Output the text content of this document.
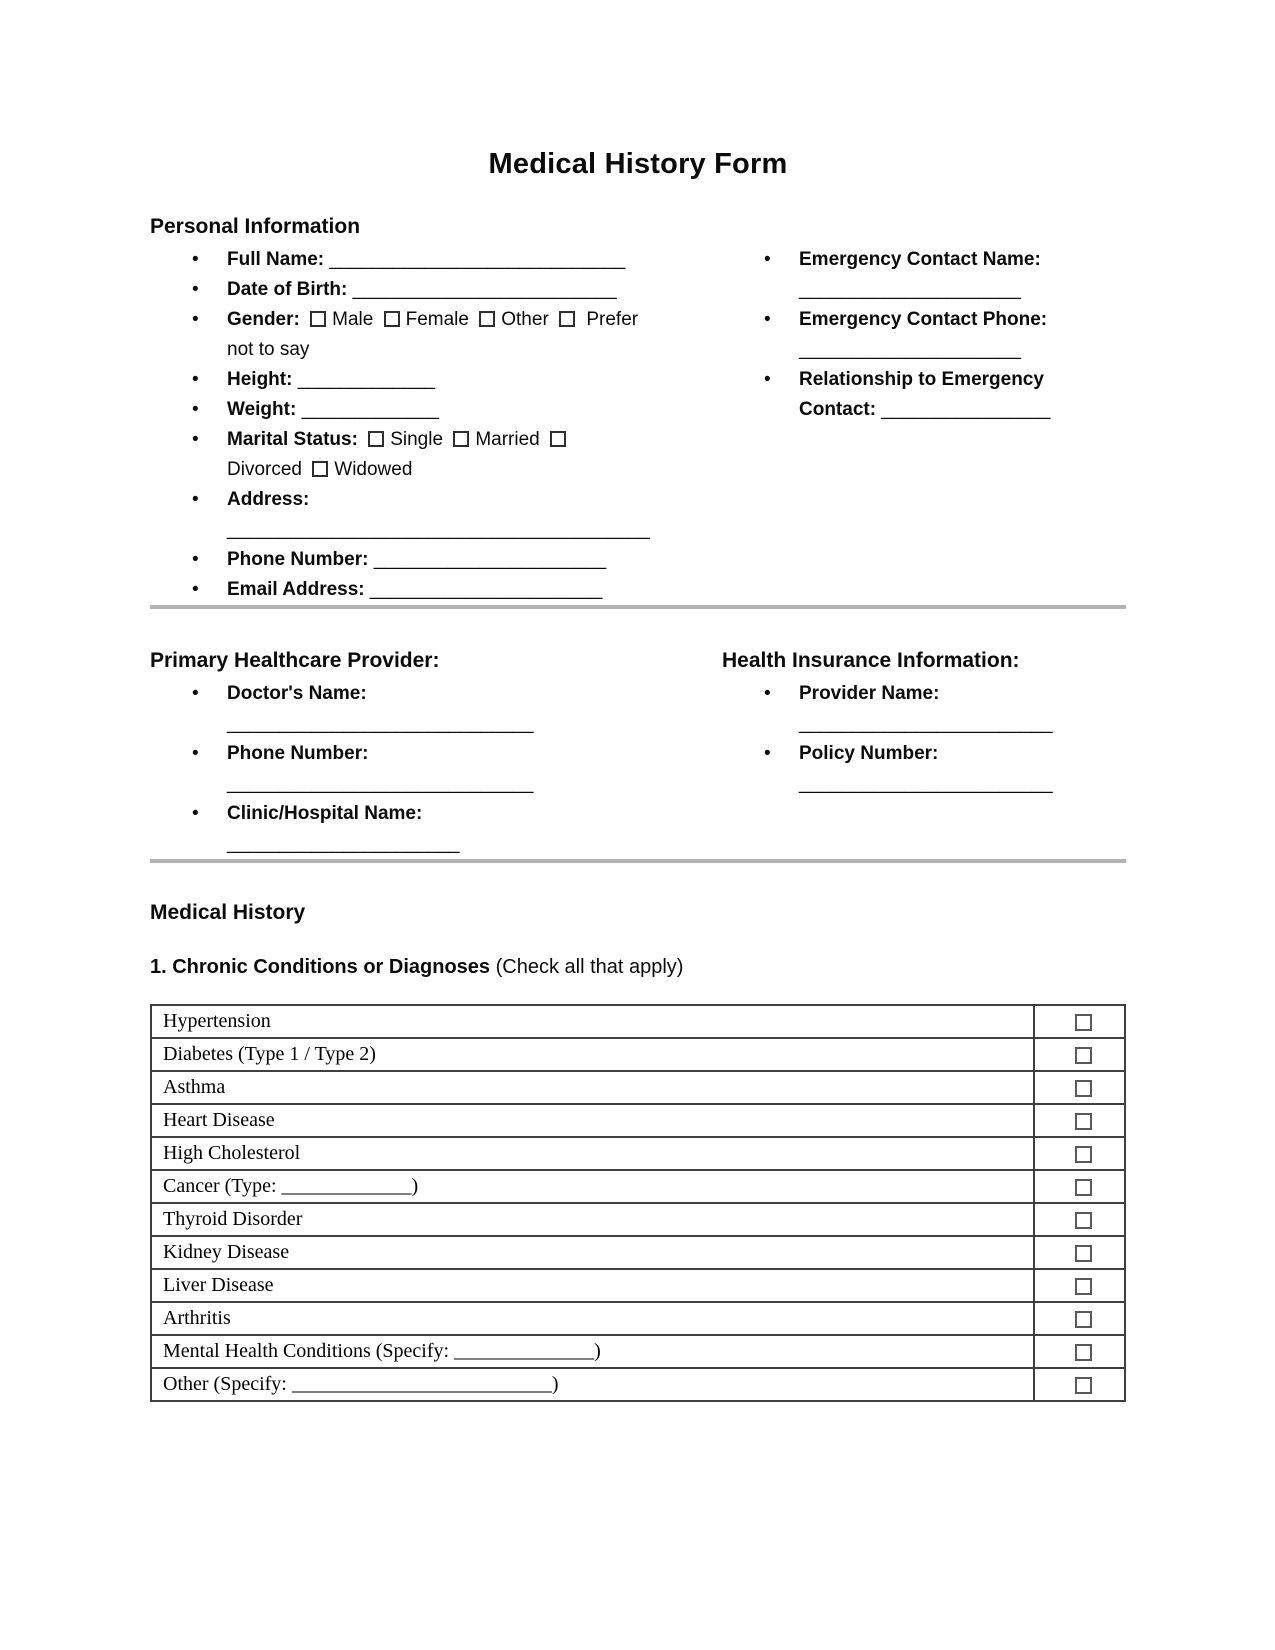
Medical History Form
Personal Information
• Full Name: ____________________________
• Date of Birth: _________________________
• Gender: Male Female Other Prefer not to say
• Height: _____________
• Weight: _____________
• Marital Status: Single Married  Divorced Widowed
• Address:
________________________________________
• Phone Number: ______________________
• Email Address: ______________________
• Emergency Contact Name:
_____________________
• Emergency Contact Phone:
_____________________
• Relationship to Emergency Contact: ________________
Primary Healthcare Provider:
• Doctor's Name:
_____________________________
• Phone Number:
_____________________________
• Clinic/Hospital Name:
______________________
Health Insurance Information:
• Provider Name:
________________________
• Policy Number:
________________________
Medical History

1. Chronic Conditions or Diagnoses (Check all that apply)

Hypertension	
Diabetes (Type 1 / Type 2)	
Asthma	
Heart Disease	
High Cholesterol	
Cancer (Type: _____________)	
Thyroid Disorder	
Kidney Disease	
Liver Disease	
Arthritis	
Mental Health Conditions (Specify: ______________)	
Other (Specify: __________________________)	
